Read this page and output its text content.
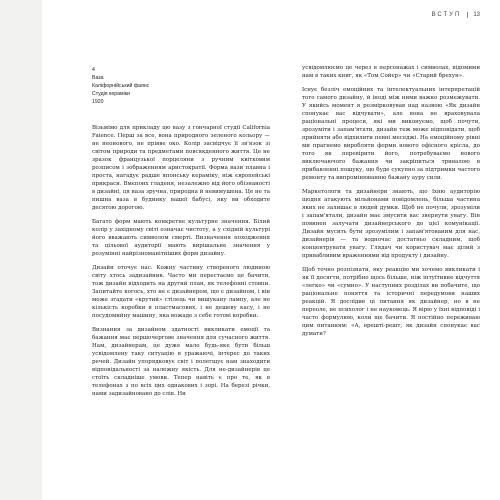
ВСТУП 13
4
Ваза
Каліфорнійський фаянс
Студія кераміки
1920

Візьмімо для прикладу цю вазу з гончарної студії California Faience. Перш за все, вона природного зеленого кольору — не неонового, не прівве око. Колір засвідчує її зв'язок зі світом природи та предметами повсякденного життя. Це не зразок французької порцеляни з ручним квітковим розписом і зображенням аристократії. Форма вази плавна і проста, нагадує радше японську кераміку, ніж європейські прикраси. Вмєпонх гладеня, незалежно від його обізнаності в дизайні, ця ваза зручна, природна й невимушена. Це не та пишна ваза в будинку вашої бабусі, яку ви обходите десятою дорогою.

Багато форм мають конкретне культурне значення. Білий колір у західному світі означає чистоту, а у східній культурі його вважають символом смерті. Визначення походження та цільової аудиторії мають вирішальне значення у розумінні найрізноманітніших форм дизайну.

Дизайн оточує нас. Кожну частину створеного людиною світу хтось задизайнив. Часто ми перестаємо це бачити, тож дизайн відходить на другий план, як телефонні стовпи. Запитайте когось, хто не є дизайнером, що є дизайном, і він може згадати «крутий» стілець чи вишукану лампу, але не кількість коробки в пластмасових, і не дешеву касу, і не посудомийну машину, яка вожаде з себе готові коробки.

Визнання за дизайном здатності викликати емоції та бажання має першочергове значення для сучасного життя. Нам, дизайнерам, це дуже мало будь-яке бути більш усвідомлену таку ситуацію в уражаючі, інтерес до таких речей. Дизайн упорядковує світ і полегшує нам знаходити відповідальності за належну якість. Для не-дизайнерів це стоїть складніше умови. Тепер навіть є про те, як в телефонах з по всіх цих однакових і зорі. На березі річки, нами задизайновано до слів. Ни

усвідомлюємо це через в персонажах і символах, відомими нам в таких книг, як «Том Сойєр» чи «Старий брехун».

Існує безліч емоційних та інтелектуальних інтерпретацій того самого дизайну, й іноді між ними важко розмежувати. У якийсь момент я розмірковував над назвою «Як дизайн спонукає вас відчувати», але вона не враховувала раціональні процеси, які ми виконуємо, щоб почути, зрозуміти і запам'ятати, дизайн теж може відповідати, щоб прийняти або відхилити певні меседжі. На емоційному рівні ми прагнемо виробляти форми нового офісного крісла, до того як перевірити його, потребуваємо нового виключаючого бажання чи закріпиться тривалою в прибавленні пошуку, що буде сукупно за підтримки частого ремонту та випромінюванню бажану ауру сили.

Маркетологи та дизайнери знають, що їхню аудиторію щодня атакують мільйонами повідомлень, більша частина яких не залишає в людей думки. Щоб не почули, зрозуміли і запам'ятали, дизайн має змусити вас звернути увагу. Він повинен залучати дизайнерського до цієї комунікації. Дизайн мусить бути зрозумілим і запам'ятованим для нас, дизайнерів — та водночас достатньо складним, щоб концентрувати увагу. Глядач чи користувач має цілий з привабливим враженнями від продукту і дизайну.

Щоб точно розпізнати, яку реакцію ми хочемо викликати і як її досягти, потрібно щось більше, ніж інтуїтивне відчуття «легко» чи «сумно». У наступних розділах ви побачите, що раціональне поняття та історичні передумови наших реакцій. Я дослідив ці питання як дизайнер, но в не переоле, не психолог і не науковець. Я вірю у їхні відповіді і часто формулюю, коли ще бачити. Я постійно переживаю цим питанням: «А, врешті-решт, як дизайн спонукає вас думати?
